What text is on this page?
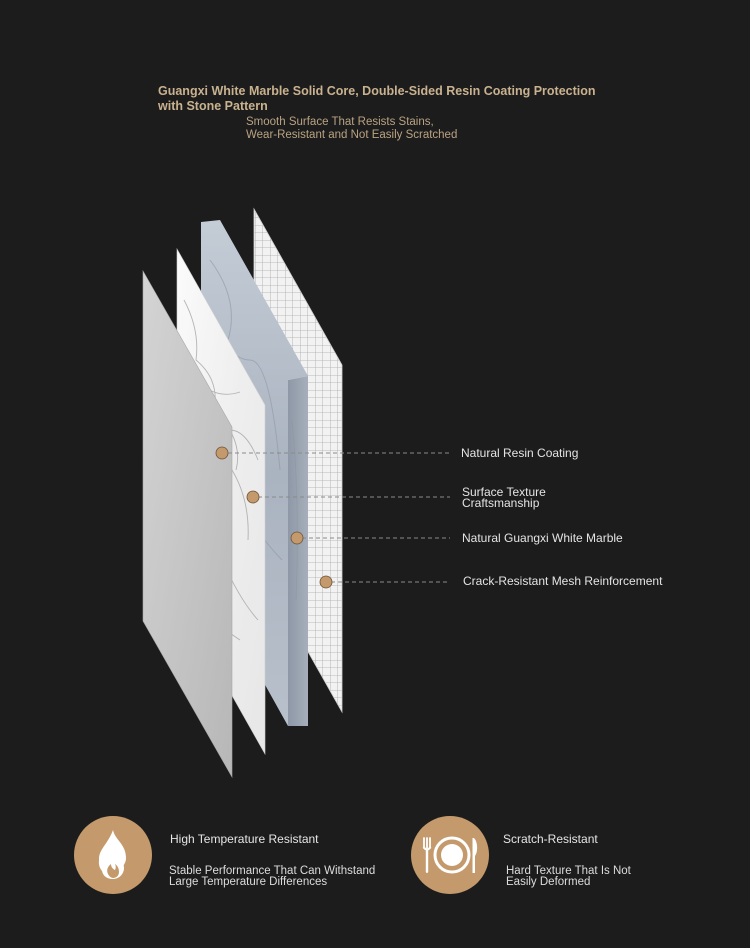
Guangxi White Marble Solid Core, Double-Sided Resin Coating Protection with Stone Pattern
Smooth Surface That Resists Stains,
Wear-Resistant and Not Easily Scratched
Natural Resin Coating
Surface Texture
Craftsmanship
Natural Guangxi White Marble
Crack-Resistant Mesh Reinforcement
High Temperature Resistant
Stable Performance That Can Withstand
Large Temperature Differences
Scratch-Resistant
Hard Texture That Is Not
Easily Deformed
